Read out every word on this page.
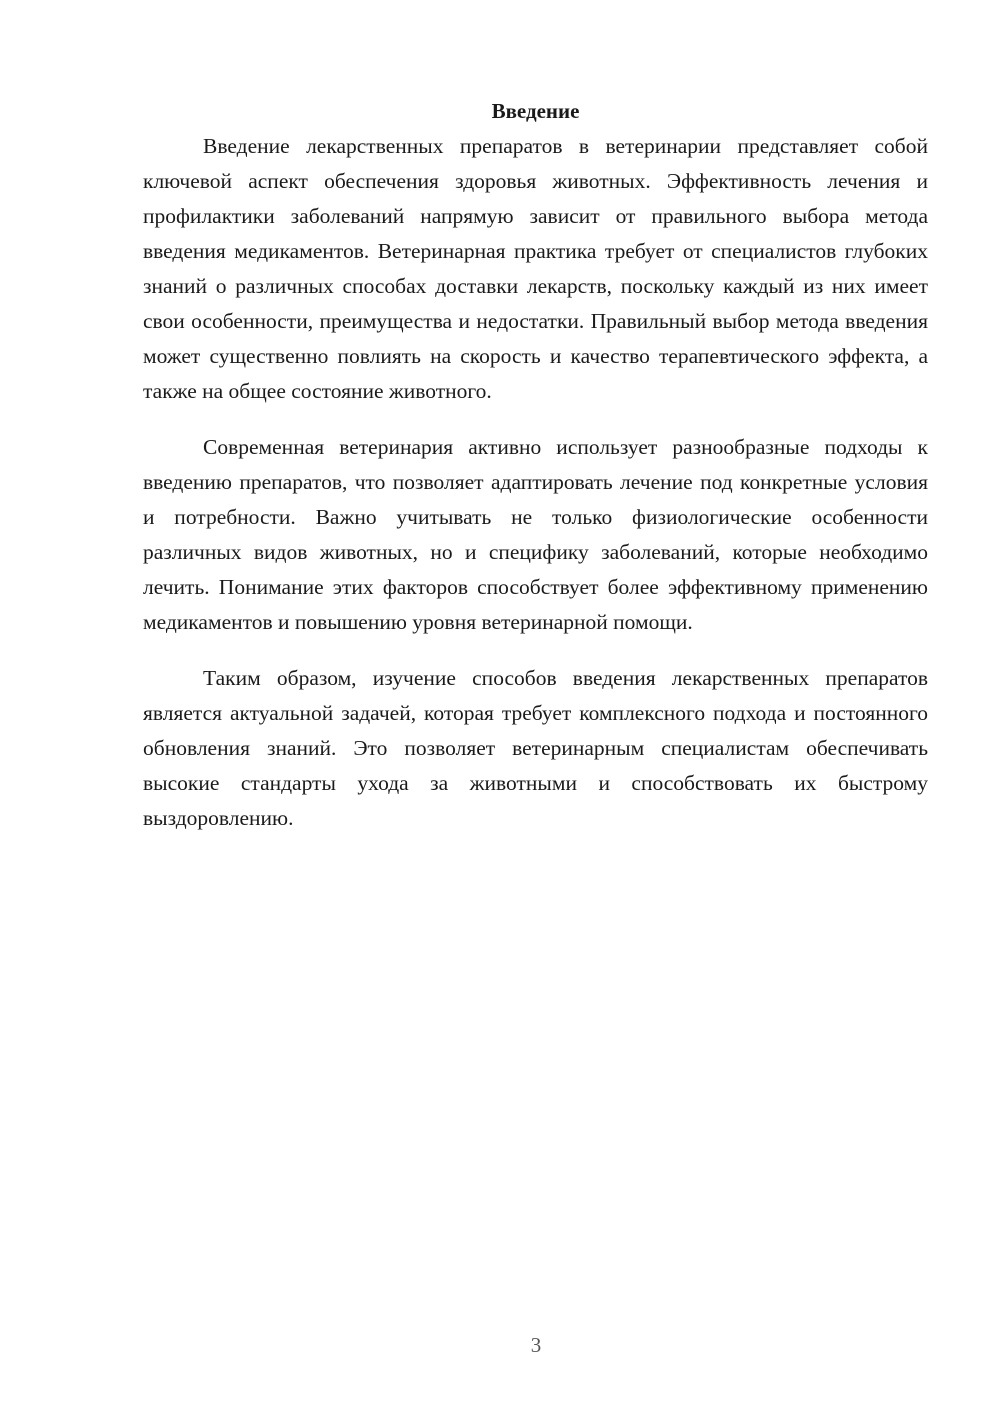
Введение

Введение лекарственных препаратов в ветеринарии представляет собой ключевой аспект обеспечения здоровья животных. Эффективность лечения и профилактики заболеваний напрямую зависит от правильного выбора метода введения медикаментов. Ветеринарная практика требует от специалистов глубоких знаний о различных способах доставки лекарств, поскольку каждый из них имеет свои особенности, преимущества и недостатки. Правильный выбор метода введения может существенно повлиять на скорость и качество терапевтического эффекта, а также на общее состояние животного.

Современная ветеринария активно использует разнообразные подходы к введению препаратов, что позволяет адаптировать лечение под конкретные условия и потребности. Важно учитывать не только физиологические особенности различных видов животных, но и специфику заболеваний, которые необходимо лечить. Понимание этих факторов способствует более эффективному применению медикаментов и повышению уровня ветеринарной помощи.

Таким образом, изучение способов введения лекарственных препаратов является актуальной задачей, которая требует комплексного подхода и постоянного обновления знаний. Это позволяет ветеринарным специалистам обеспечивать высокие стандарты ухода за животными и способствовать их быстрому выздоровлению.

3
